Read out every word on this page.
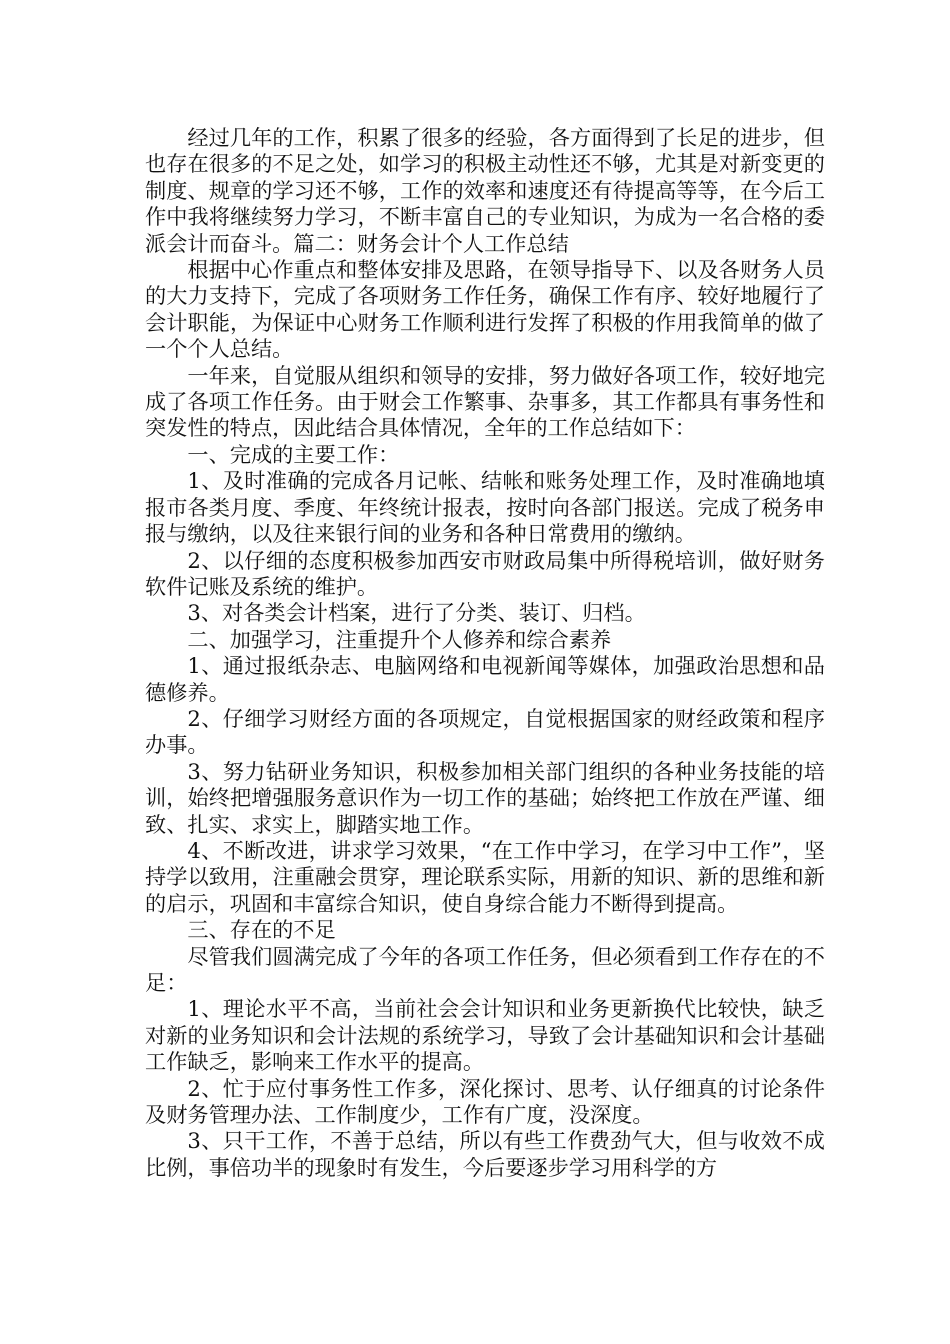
经过几年的工作，积累了很多的经验，各方面得到了长足的进步，但也存在很多的不足之处，如学习的积极主动性还不够，尤其是对新变更的制度、规章的学习还不够，工作的效率和速度还有待提高等等，在今后工作中我将继续努力学习，不断丰富自己的专业知识，为成为一名合格的委派会计而奋斗。篇二：财务会计个人工作总结

根据中心作重点和整体安排及思路，在领导指导下、以及各财务人员的大力支持下，完成了各项财务工作任务，确保工作有序、较好地履行了会计职能，为保证中心财务工作顺利进行发挥了积极的作用我简单的做了一个个人总结。

一年来，自觉服从组织和领导的安排，努力做好各项工作，较好地完成了各项工作任务。由于财会工作繁事、杂事多，其工作都具有事务性和突发性的特点，因此结合具体情况，全年的工作总结如下：

一、完成的主要工作：

1、及时准确的完成各月记帐、结帐和账务处理工作，及时准确地填报市各类月度、季度、年终统计报表，按时向各部门报送。完成了税务申报与缴纳，以及往来银行间的业务和各种日常费用的缴纳。

2、以仔细的态度积极参加西安市财政局集中所得税培训，做好财务软件记账及系统的维护。

3、对各类会计档案，进行了分类、装订、归档。

二、加强学习，注重提升个人修养和综合素养

1、通过报纸杂志、电脑网络和电视新闻等媒体，加强政治思想和品德修养。

2、仔细学习财经方面的各项规定，自觉根据国家的财经政策和程序办事。

3、努力钻研业务知识，积极参加相关部门组织的各种业务技能的培训，始终把增强服务意识作为一切工作的基础；始终把工作放在严谨、细致、扎实、求实上，脚踏实地工作。

4、不断改进，讲求学习效果，“在工作中学习，在学习中工作”，坚持学以致用，注重融会贯穿，理论联系实际，用新的知识、新的思维和新的启示，巩固和丰富综合知识，使自身综合能力不断得到提高。

三、存在的不足

尽管我们圆满完成了今年的各项工作任务，但必须看到工作存在的不足：

1、理论水平不高，当前社会会计知识和业务更新换代比较快，缺乏对新的业务知识和会计法规的系统学习，导致了会计基础知识和会计基础工作缺乏，影响来工作水平的提高。

2、忙于应付事务性工作多，深化探讨、思考、认仔细真的讨论条件及财务管理办法、工作制度少，工作有广度，没深度。

3、只干工作，不善于总结，所以有些工作费劲气大，但与收效不成比例，事倍功半的现象时有发生，今后要逐步学习用科学的方
